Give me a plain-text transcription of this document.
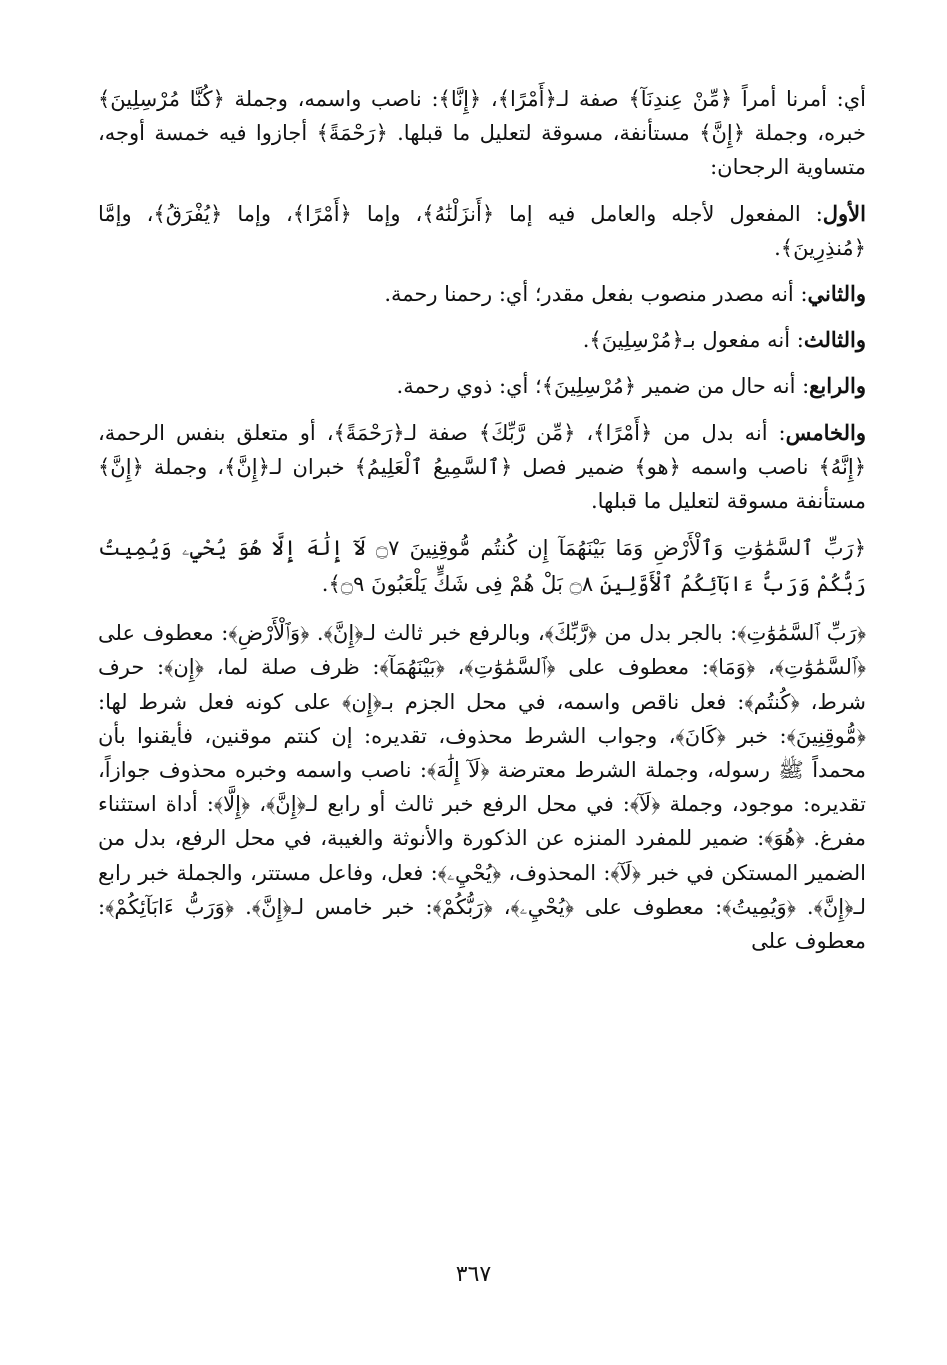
أي: أمرنا أمراً ﴿مِّنْ عِندِنَآ﴾ صفة لـ﴿أَمْرًا﴾، ﴿إِنَّا﴾: ناصب واسمه، وجملة ﴿كُنَّا مُرْسِلِينَ﴾ خبره، وجملة ﴿إِنَّ﴾ مستأنفة، مسوقة لتعليل ما قبلها. ﴿رَحْمَةً﴾ أجازوا فيه خمسة أوجه، متساوية الرجحان:

الأول: المفعول لأجله والعامل فيه إما ﴿أَنزَلْنَٰهُ﴾، وإما ﴿أَمْرًا﴾، وإما ﴿يُفْرَقُ﴾، وإمَّا ﴿مُنذِرِينَ﴾.

والثاني: أنه مصدر منصوب بفعل مقدر؛ أي: رحمنا رحمة.

والثالث: أنه مفعول بـ﴿مُرْسِلِينَ﴾.

والرابع: أنه حال من ضمير ﴿مُرْسِلِينَ﴾؛ أي: ذوي رحمة.

والخامس: أنه بدل من ﴿أَمْرًا﴾، ﴿مِّن رَّبِّكَ﴾ صفة لـ﴿رَحْمَةً﴾، أو متعلق بنفس الرحمة، ﴿إِنَّهُ﴾ ناصب واسمه ﴿هو﴾ ضمير فصل ﴿ٱلسَّمِيعُ ٱلْعَلِيمُ﴾ خبران لـ﴿إِنَّ﴾، وجملة ﴿إِنَّ﴾ مستأنفة مسوقة لتعليل ما قبلها.

﴿رَبِّ ٱلسَّمَٰوَٰتِ وَٱلْأَرْضِ وَمَا بَيْنَهُمَآ إِن كُنتُم مُّوقِنِينَ ۝٧ لَآ إِلَٰهَ إِلَّا هُوَ يُحْيِۦ وَيُمِيتُ رَبُّكُمْ وَرَبُّ ءَابَآئِكُمُ ٱلْأَوَّلِينَ ۝٨ بَلْ هُمْ فِى شَكٍّ يَلْعَبُونَ ۝٩﴾.

﴿رَبِّ ٱلسَّمَٰوَٰتِ﴾: بالجر بدل من ﴿رَّبِّكَ﴾، وبالرفع خبر ثالث لـ﴿إِنَّ﴾. ﴿وَٱلْأَرْضِ﴾: معطوف على ﴿ٱلسَّمَٰوَٰتِ﴾، ﴿وَمَا﴾: معطوف على ﴿ٱلسَّمَٰوَٰتِ﴾، ﴿بَيْنَهُمَآ﴾: ظرف صلة لما، ﴿إِن﴾: حرف شرط، ﴿كُنتُم﴾: فعل ناقص واسمه، في محل الجزم بـ﴿إِن﴾ على كونه فعل شرط لها: ﴿مُّوقِنِينَ﴾: خبر ﴿كَانَ﴾، وجواب الشرط محذوف، تقديره: إن كنتم موقنين، فأيقنوا بأن محمداً ﷺ رسوله، وجملة الشرط معترضة ﴿لَآ إِلَٰهَ﴾: ناصب واسمه وخبره محذوف جوازاً، تقديره: موجود، وجملة ﴿لَآ﴾: في محل الرفع خبر ثالث أو رابع لـ﴿إِنَّ﴾، ﴿إِلَّا﴾: أداة استثناء مفرغ. ﴿هُوَ﴾: ضمير للمفرد المنزه عن الذكورة والأنوثة والغيبة، في محل الرفع، بدل من الضمير المستكن في خبر ﴿لَآ﴾: المحذوف، ﴿يُحْيِۦ﴾: فعل، وفاعل مستتر، والجملة خبر رابع لـ﴿إِنَّ﴾. ﴿وَيُمِيتُ﴾: معطوف على ﴿يُحْيِۦ﴾، ﴿رَبُّكُمْ﴾: خبر خامس لـ﴿إِنَّ﴾. ﴿وَرَبُّ ءَابَآئِكُمْ﴾: معطوف على

٣٦٧
